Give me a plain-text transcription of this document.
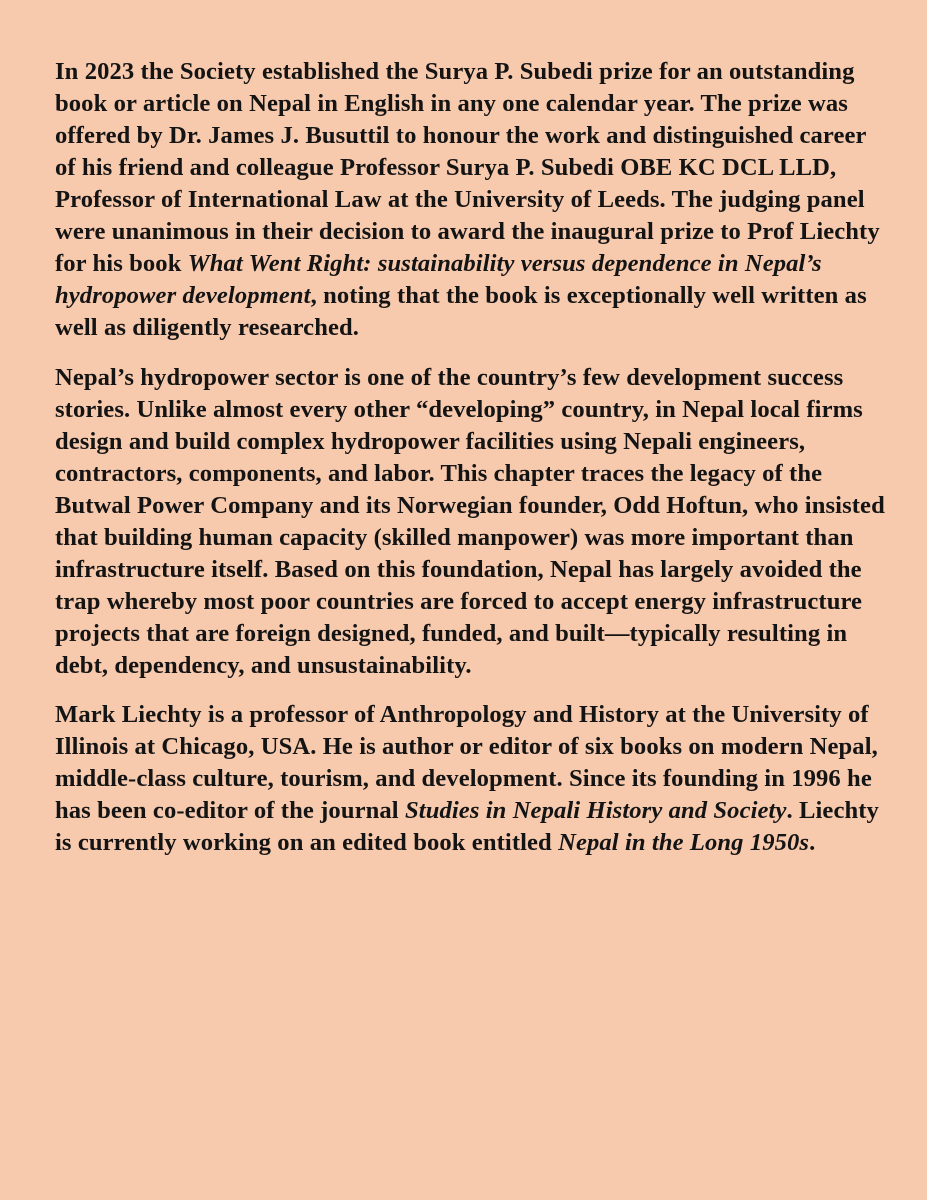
In 2023 the Society established the Surya P. Subedi prize for an outstanding book or article on Nepal in English in any one calendar year. The prize was offered by Dr. James J. Busuttil to honour the work and distinguished career of his friend and colleague Professor Surya P. Subedi OBE KC DCL LLD, Professor of International Law at the University of Leeds. The judging panel were unanimous in their decision to award the inaugural prize to Prof Liechty for his book What Went Right: sustainability versus dependence in Nepal’s hydropower development, noting that the book is exceptionally well written as well as diligently researched.

Nepal’s hydropower sector is one of the country’s few development success stories. Unlike almost every other “developing” country, in Nepal local firms design and build complex hydropower facilities using Nepali engineers, contractors, components, and labor. This chapter traces the legacy of the Butwal Power Company and its Norwegian founder, Odd Hoftun, who insisted that building human capacity (skilled manpower) was more important than infrastructure itself. Based on this foundation, Nepal has largely avoided the trap whereby most poor countries are forced to accept energy infrastructure projects that are foreign designed, funded, and built—typically resulting in debt, dependency, and unsustainability.

Mark Liechty is a professor of Anthropology and History at the University of Illinois at Chicago, USA. He is author or editor of six books on modern Nepal, middle-class culture, tourism, and development. Since its founding in 1996 he has been co-editor of the journal Studies in Nepali History and Society. Liechty is currently working on an edited book entitled Nepal in the Long 1950s.
